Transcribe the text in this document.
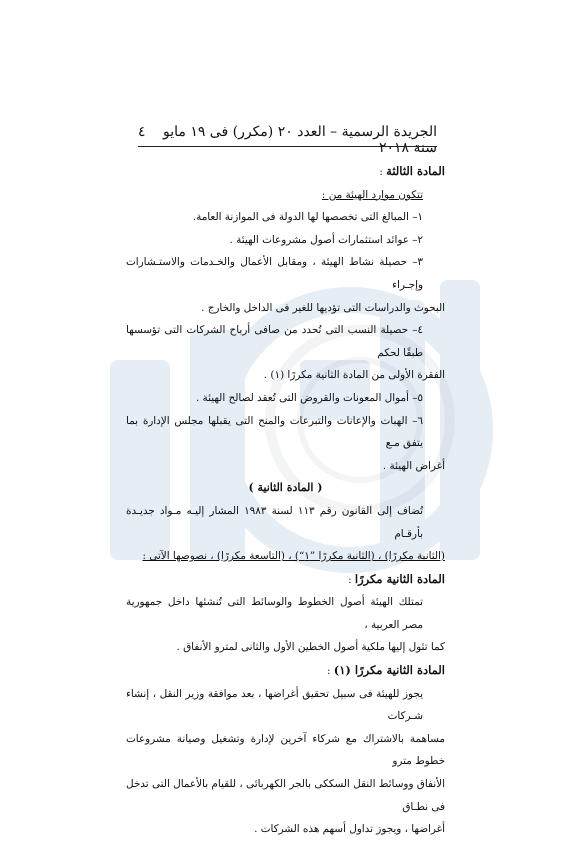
الجريدة الرسمية – العدد ٢٠ (مكرر) فى ١٩ مايو سنة ٢٠١٨
٤

المادة الثالثة :

تتكون موارد الهيئة من :

١– المبالغ التى تخصصها لها الدولة فى الموازنة العامة.

٢– عوائد استثمارات أصول مشروعات الهيئة .

٣– حصيلة نشاط الهيئة ، ومقابل الأعمال والخـدمات والاستـشارات وإجـراء

البحوث والدراسات التى تؤديها للغير فى الداخل والخارج .

٤– حصيلة النسب التى تُحدد من صافى أرباح الشركات التى تؤسسها طبقًا لحكم

الفقرة الأولى من المادة الثانية مكررًا (١) .

٥– أموال المعونات والقروض التى تُعقد لصالح الهيئة .

٦– الهبات والإعانات والتبرعات والمنح التى يقبلها مجلس الإدارة بما يتفق مـع

أغراض الهيئة .

( المادة الثانية )

تُضاف إلى القانون رقم ١١٣ لسنة ١٩٨٣ المشار إليـه مـواد جديـدة بأرقـام

(الثانية مكررًا) ، (الثانية مكررًا ”١“) ، (التاسعة مكررًا) ، نصوصها الآتى :

المادة الثانية مكررًا :

تمتلك الهيئة أصول الخطوط والوسائط التى تُنشئها داخل جمهورية مصر العربية ،

كما تئول إليها ملكية أصول الخطين الأول والثانى لمترو الأنفاق .

المادة الثانية مكررًا (١) :

يجوز للهيئة فى سبيل تحقيق أغراضها ، بعد موافقة وزير النقل ، إنشاء شـركات

مساهمة بالاشتراك مع شركاء آخرين لإدارة وتشغيل وصيانة مشروعات خطوط مترو

الأنفاق ووسائط النقل السككى بالجر الكهربائى ، للقيام بالأعمال التى تدخل فى نطـاق

أغراضها ، ويجوز تداول أسهم هذه الشركات .
